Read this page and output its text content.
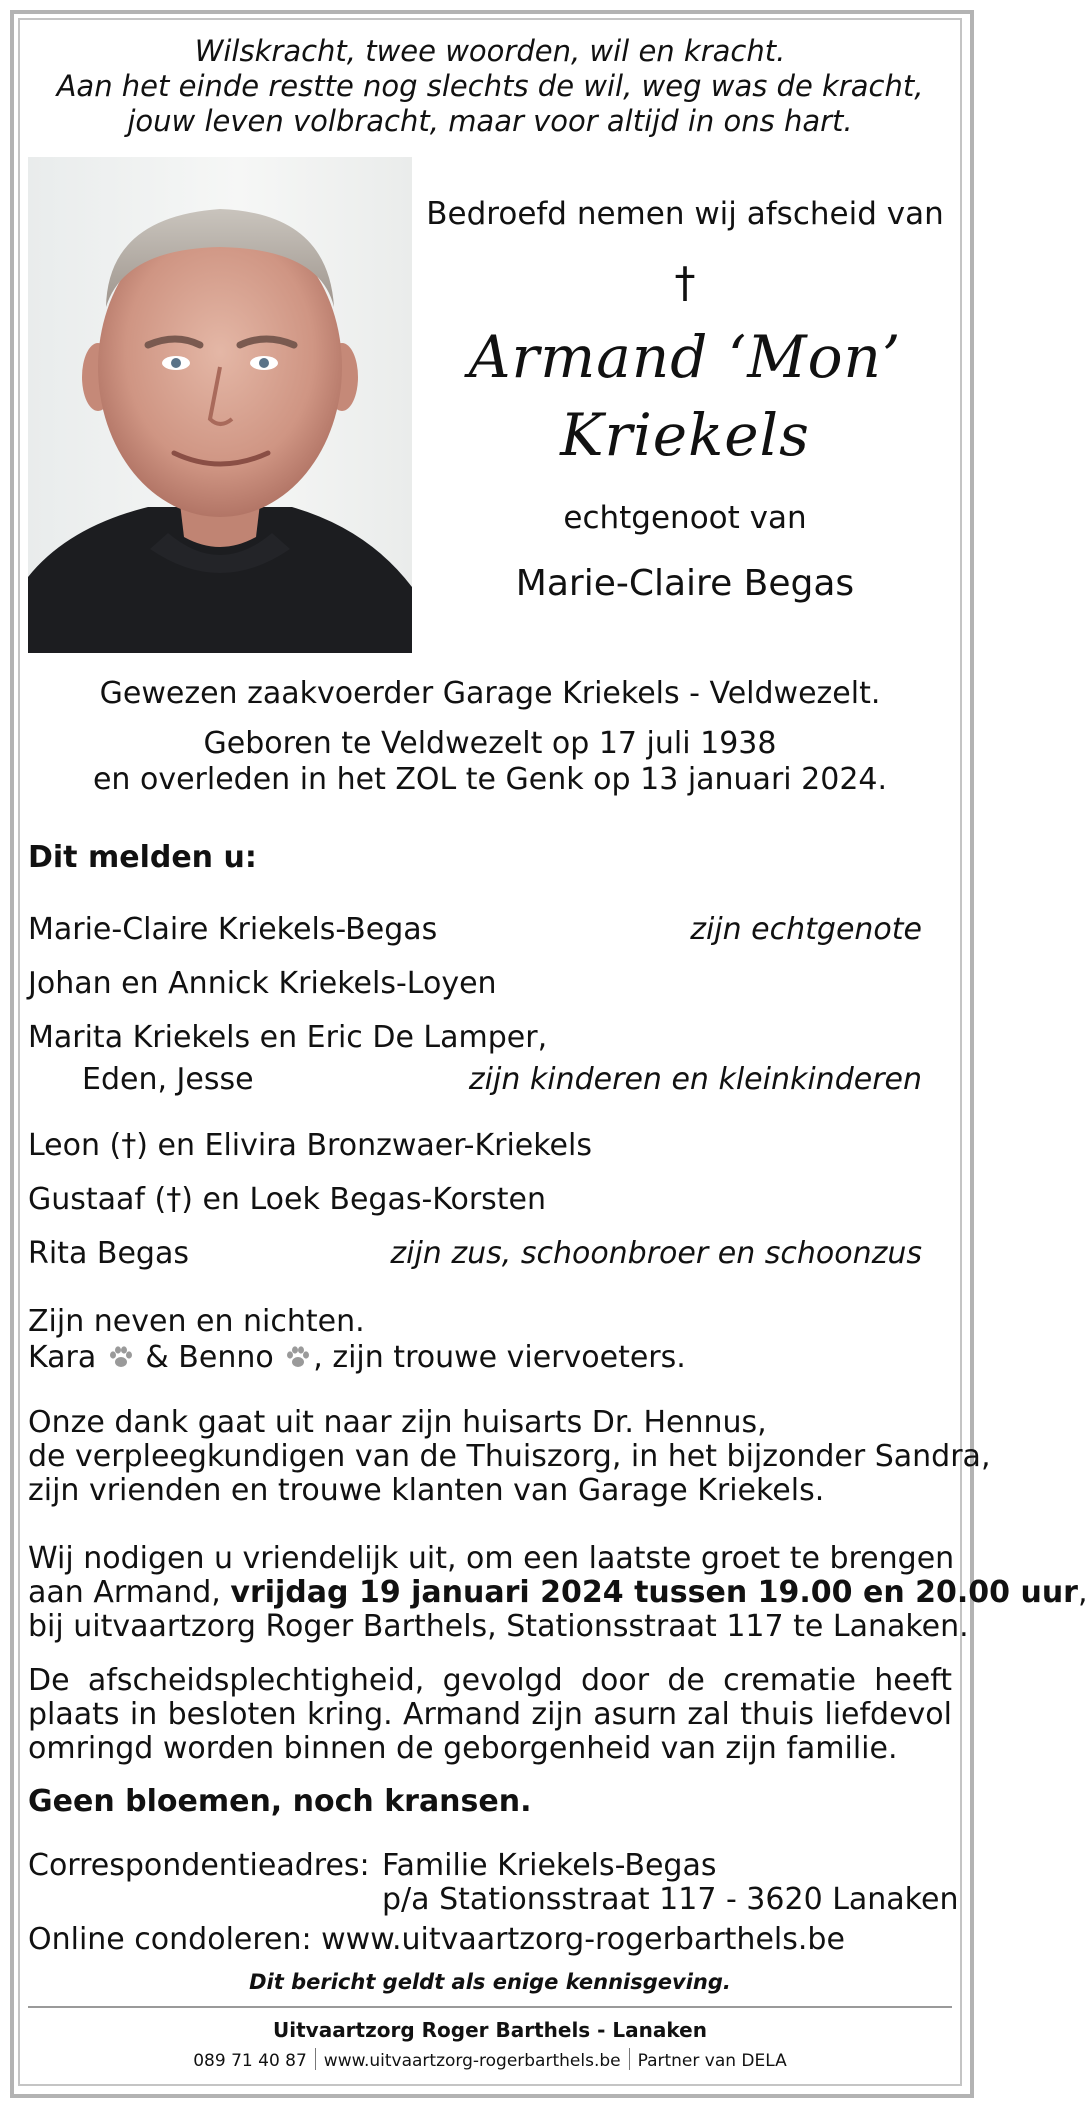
Wilskracht, twee woorden, wil en kracht.
Aan het einde restte nog slechts de wil, weg was de kracht,
jouw leven volbracht, maar voor altijd in ons hart.
Bedroefd nemen wij afscheid van
†
Armand ‘Mon’
Kriekels
echtgenoot van
Marie-Claire Begas
Gewezen zaakvoerder Garage Kriekels - Veldwezelt.
Geboren te Veldwezelt op 17 juli 1938
en overleden in het ZOL te Genk op 13 januari 2024.
Dit melden u:
Marie-Claire Kriekels-Begas	zijn echtgenote
Johan en Annick Kriekels-Loyen
Marita Kriekels en Eric De Lamper,
Eden, Jesse	zijn kinderen en kleinkinderen
Leon (†) en Elivira Bronzwaer-Kriekels
Gustaaf (†) en Loek Begas-Korsten
Rita Begas	zijn zus, schoonbroer en schoonzus
Zijn neven en nichten.
Kara & Benno , zijn trouwe viervoeters.
Onze dank gaat uit naar zijn huisarts Dr. Hennus,
de verpleegkundigen van de Thuiszorg, in het bijzonder Sandra,
zijn vrienden en trouwe klanten van Garage Kriekels.
Wij nodigen u vriendelijk uit, om een laatste groet te brengen
aan Armand, vrijdag 19 januari 2024 tussen 19.00 en 20.00 uur,
bij uitvaartzorg Roger Barthels, Stationsstraat 117 te Lanaken.
De afscheidsplechtigheid, gevolgd door de crematie heeft
plaats in besloten kring. Armand zijn asurn zal thuis liefdevol
omringd worden binnen de geborgenheid van zijn familie.
Geen bloemen, noch kransen.
Correspondentieadres: Familie Kriekels-Begas
p/a Stationsstraat 117 - 3620 Lanaken
Online condoleren: www.uitvaartzorg-rogerbarthels.be
Dit bericht geldt als enige kennisgeving.
Uitvaartzorg Roger Barthels - Lanaken
089 71 40 87 www.uitvaartzorg-rogerbarthels.be Partner van DELA
